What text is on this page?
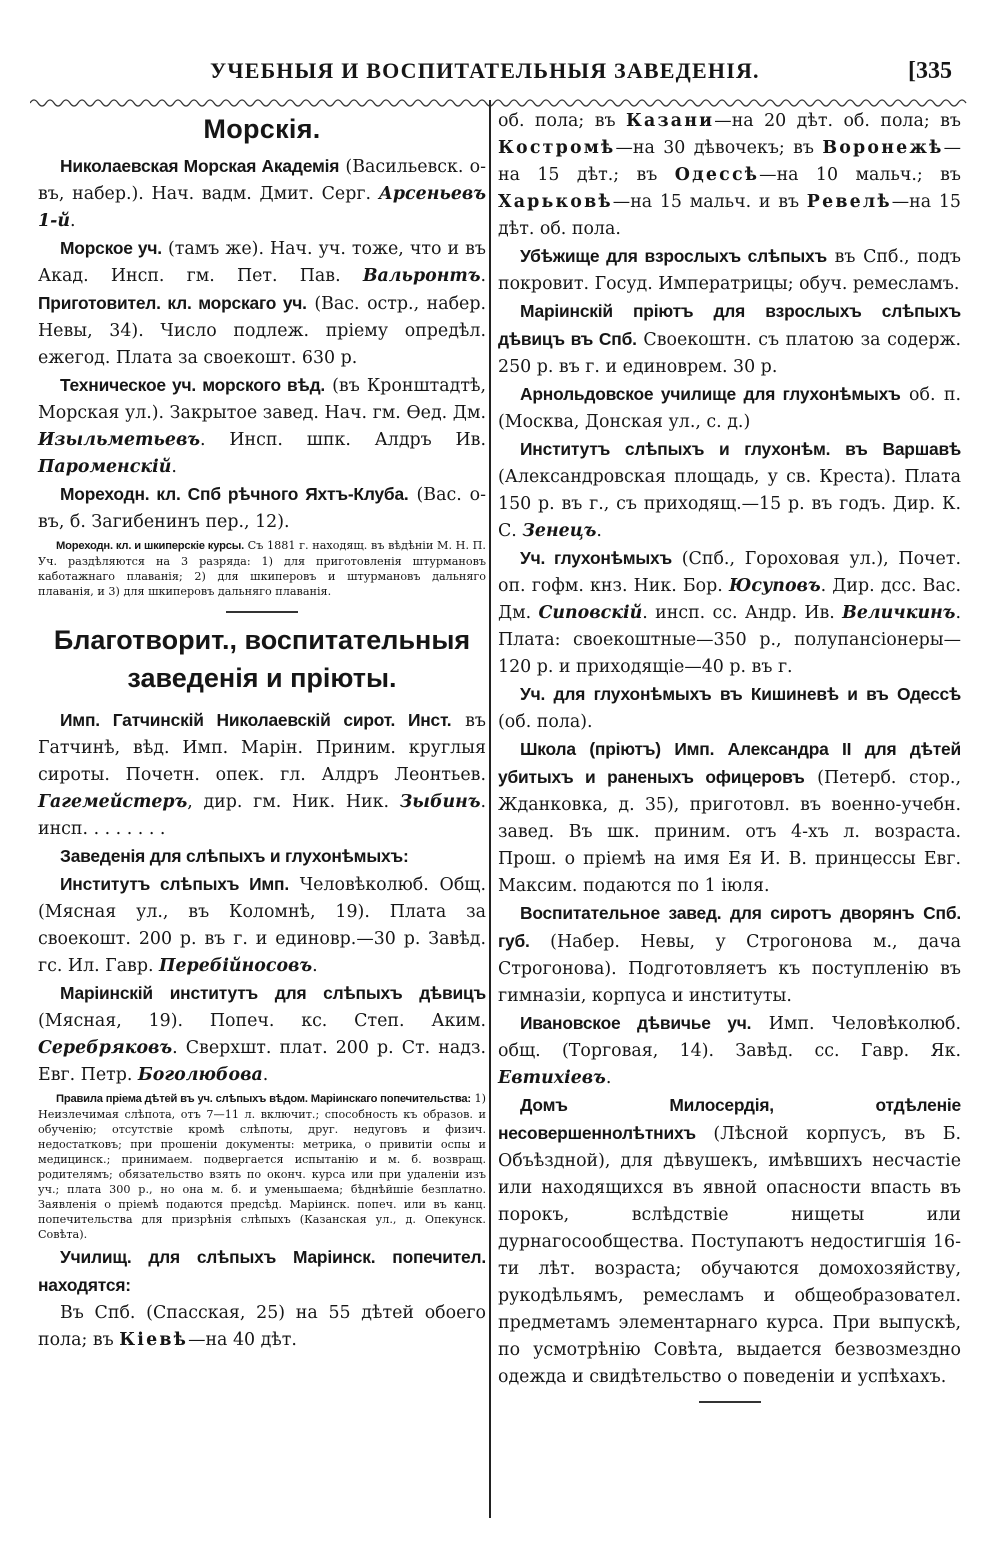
УЧЕБНЫЯ И ВОСПИТАТЕЛЬНЫЯ ЗАВЕДЕНІЯ.	[335
Морскія.

Николаевская Морская Академія (Васильевск. о-въ, набер.). Нач. вадм. Дмит. Серг. Арсеньевъ 1-й.

Морское уч. (тамъ же). Нач. уч. тоже, что и въ Акад. Инсп. гм. Пет. Пав. Вальронтъ. Приготовител. кл. морскаго уч. (Вас. остр., набер. Невы, 34). Число подлеж. пріему опредѣл. ежегод. Плата за своекошт. 630 р.

Техническое уч. морского вѣд. (въ Кронштадтѣ, Морская ул.). Закрытое завед. Нач. гм. Ѳед. Дм. Изыльметьевъ. Инсп. шпк. Алдръ Ив. Пароменскій.

Мореходн. кл. Спб рѣчного Яхтъ-Клуба. (Вас. о-въ, б. Загибенинъ пер., 12).

Мореходн. кл. и шкиперскіе курсы. Съ 1881 г. находящ. въ вѣдѣніи М. Н. П. Уч. раздѣляются на 3 разряда: 1) для приготовленія штурмановъ каботажнаго плаванія; 2) для шкиперовъ и штурмановъ дальняго плаванія, и 3) для шкиперовъ дальняго плаванія.

Благотворит., воспитательныя заведенія и пріюты.

Имп. Гатчинскій Николаевскій сирот. Инст. въ Гатчинѣ, вѣд. Имп. Марін. Приним. круглыя сироты. Почетн. опек. гл. Алдръ Леонтьев. Гагемейстеръ, дир. гм. Ник. Ник. Зыбинъ. инсп. . . . . . . .

Заведенія для слѣпыхъ и глухонѣмыхъ:

Институтъ слѣпыхъ Имп. Человѣколюб. Общ. (Мясная ул., въ Коломнѣ, 19). Плата за своекошт. 200 р. въ г. и единовр.—30 р. Завѣд. гс. Ил. Гавр. Перебійносовъ.

Маріинскій институтъ для слѣпыхъ дѣвицъ (Мясная, 19). Попеч. кс. Степ. Аким. Серебряковъ. Сверхшт. плат. 200 р. Ст. надз. Евг. Петр. Боголюбова.

Правила пріема дѣтей въ уч. слѣпыхъ вѣдом. Маріинскаго попечительства: 1) Неизлечимая слѣпота, отъ 7—11 л. включит.; способность къ образов. и обученію; отсутствіе кромѣ слѣпоты, друг. недуговъ и физич. недостатковъ; при прошеніи документы: метрика, о привитіи оспы и медицинск.; принимаем. подвергается испытанію и м. б. возвращ. родителямъ; обязательство взять по оконч. курса или при удаленіи изъ уч.; плата 300 р., но она м. б. и уменьшаема; бѣднѣйшіе безплатно. Заявленія о пріемѣ подаются предсѣд. Маріинск. попеч. или въ канц. попечительства для призрѣнія слѣпыхъ (Казанская ул., д. Опекунск. Совѣта).

Училищ. для слѣпыхъ Маріинск. попечител. находятся:

Въ Спб. (Спасская, 25) на 55 дѣтей обоего пола; въ Кіевѣ—на 40 дѣт.

об. пола; въ Казани—на 20 дѣт. об. пола; въ Костромѣ—на 30 дѣвочекъ; въ Воронежѣ—на 15 дѣт.; въ Одессѣ—на 10 мальч.; въ Харьковѣ—на 15 мальч. и въ Ревелѣ—на 15 дѣт. об. пола.

Убѣжище для взрослыхъ слѣпыхъ въ Спб., подъ покровит. Госуд. Императрицы; обуч. ремесламъ.

Маріинскій пріютъ для взрослыхъ слѣпыхъ дѣвицъ въ Спб. Своекоштн. съ платою за содерж. 250 р. въ г. и единоврем. 30 р.

Арнольдовское училище для глухонѣмыхъ об. п. (Москва, Донская ул., с. д.)

Институтъ слѣпыхъ и глухонѣм. въ Варшавѣ (Александровская площадь, у св. Креста). Плата 150 р. въ г., съ приходящ.—15 р. въ годъ. Дир. К. С. Зенецъ.

Уч. глухонѣмыхъ (Спб., Гороховая ул.), Почет. оп. гофм. кнз. Ник. Бор. Юсуповъ. Дир. дсс. Вас. Дм. Сиповскій. инсп. сс. Андр. Ив. Величкинъ. Плата: своекоштные—350 р., полупансіонеры—120 р. и приходящіе—40 р. въ г.

Уч. для глухонѣмыхъ въ Кишиневѣ и въ Одессѣ (об. пола).

Школа (пріютъ) Имп. Александра II для дѣтей убитыхъ и раненыхъ офицеровъ (Петерб. стор., Жданковка, д. 35), приготовл. въ военно-учебн. завед. Въ шк. приним. отъ 4-хъ л. возраста. Прош. о пріемѣ на имя Ея И. В. принцессы Евг. Максим. подаются по 1 іюля.

Воспитательное завед. для сиротъ дворянъ Спб. губ. (Набер. Невы, у Строгонова м., дача Строгонова). Подготовляетъ къ поступленію въ гимназіи, корпуса и институты.

Ивановское дѣвичье уч. Имп. Человѣколюб. общ. (Торговая, 14). Завѣд. сс. Гавр. Як. Евтихіевъ.

Домъ Милосердія, отдѣленіе несовершеннолѣтнихъ (Лѣсной корпусъ, въ Б. Объѣздной), для дѣвушекъ, имѣвшихъ несчастіе или находящихся въ явной опасности впасть въ порокъ, вслѣдствіе нищеты или дурнагосообщества. Поступаютъ недостигшія 16-ти лѣт. возраста; обучаются домохозяйству, рукодѣльямъ, ремесламъ и общеобразовател. предметамъ элементарнаго курса. При выпускѣ, по усмотрѣнію Совѣта, выдается безвозмездно одежда и свидѣтельство о поведеніи и успѣхахъ.
